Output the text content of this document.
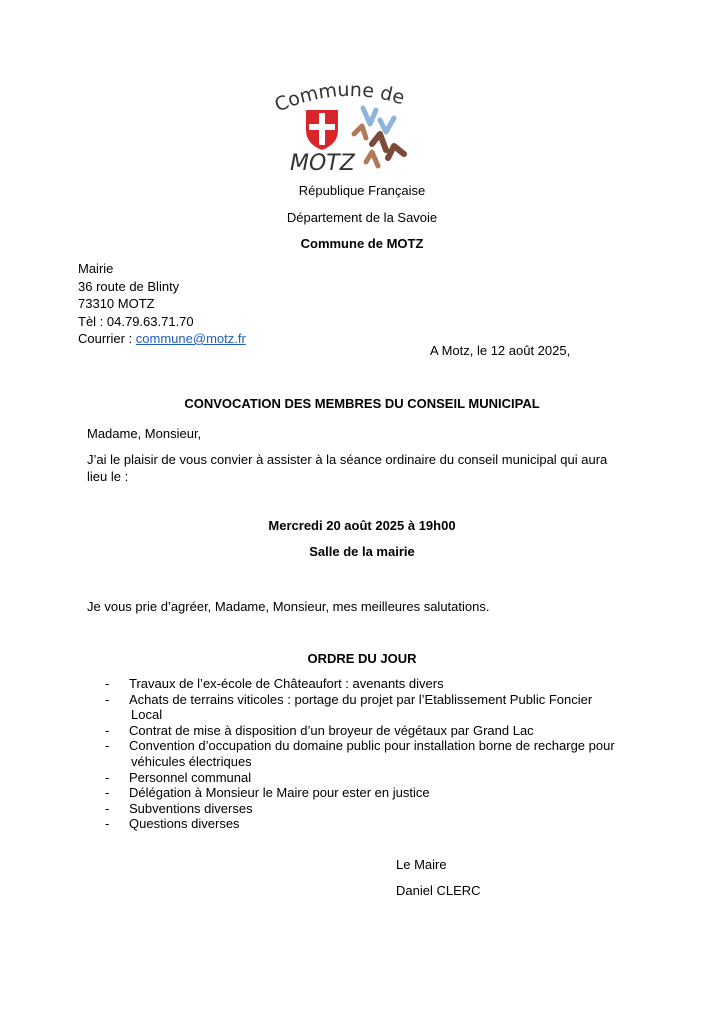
Commune de
MOTZ
République Française
Département de la Savoie
Commune de MOTZ
Mairie
36 route de Blinty
73310 MOTZ
Tèl : 04.79.63.71.70
Courrier : commune@motz.fr
A Motz, le 12 août 2025,
CONVOCATION DES MEMBRES DU CONSEIL MUNICIPAL
Madame, Monsieur,
J’ai le plaisir de vous convier à assister à la séance ordinaire du conseil municipal qui aura
lieu le :
Mercredi 20 août 2025 à 19h00
Salle de la mairie
Je vous prie d’agréer, Madame, Monsieur, mes meilleures salutations.
ORDRE DU JOUR
- Travaux de l’ex-école de Châteaufort : avenants divers
- Achats de terrains viticoles : portage du projet par l’Etablissement Public Foncier
Local
- Contrat de mise à disposition d’un broyeur de végétaux par Grand Lac
- Convention d’occupation du domaine public pour installation borne de recharge pour
véhicules électriques
- Personnel communal
- Délégation à Monsieur le Maire pour ester en justice
- Subventions diverses
- Questions diverses
Le Maire
Daniel CLERC
